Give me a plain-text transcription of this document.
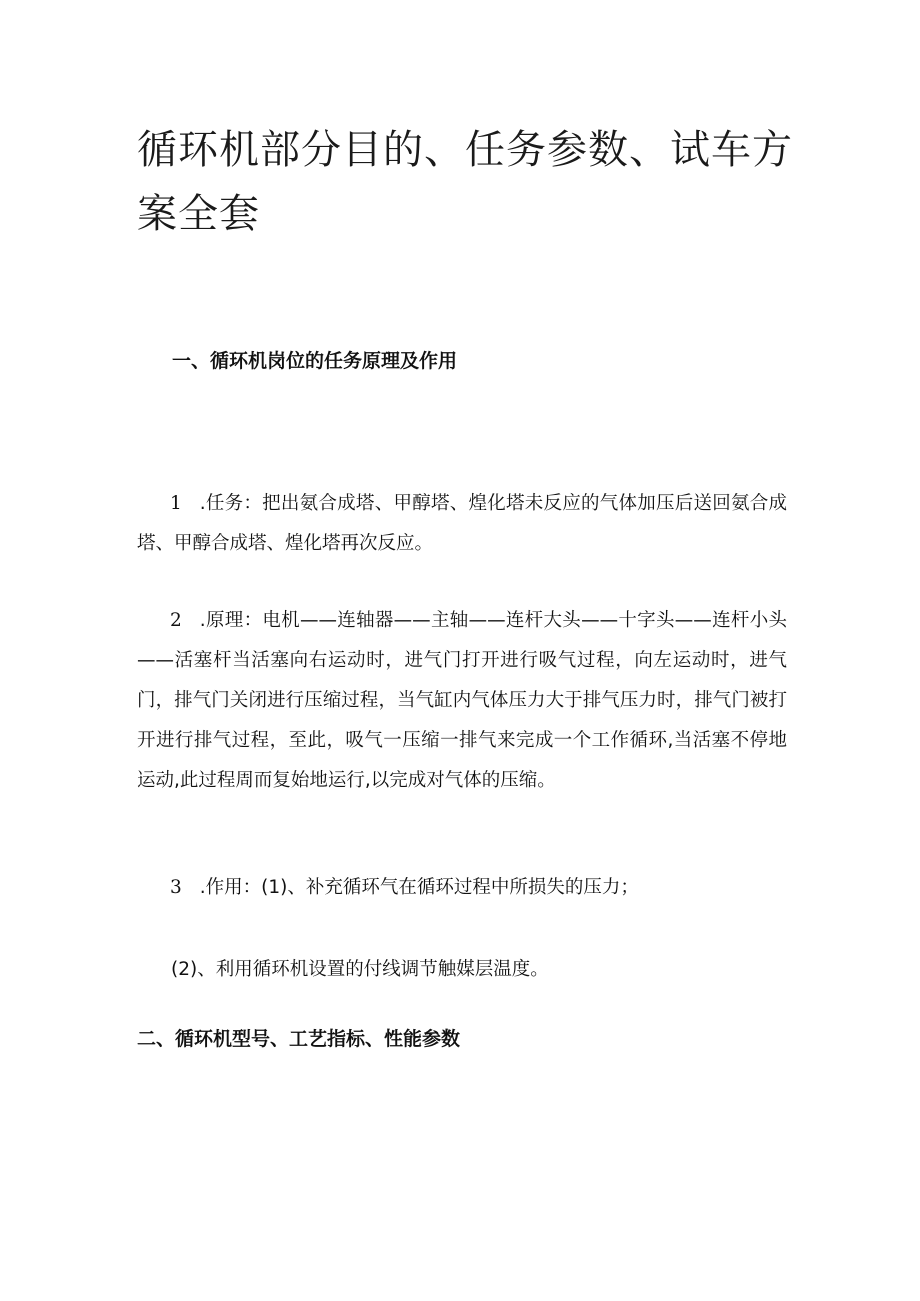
循环机部分目的、任务参数、试车方案全套
一、循环机岗位的任务原理及作用

1 .任务：把出氨合成塔、甲醇塔、煌化塔未反应的气体加压后送回氨合成塔、甲醇合成塔、煌化塔再次反应。

2 .原理：电机——连轴器——主轴——连杆大头——十字头——连杆小头——活塞杆当活塞向右运动时，进气门打开进行吸气过程，向左运动时，进气门，排气门关闭进行压缩过程，当气缸内气体压力大于排气压力时，排气门被打开进行排气过程，至此，吸气一压缩一排气来完成一个工作循环,当活塞不停地运动,此过程周而复始地运行,以完成对气体的压缩。

3 .作用：(1)、补充循环气在循环过程中所损失的压力；

(2)、利用循环机设置的付线调节触媒层温度。

二、循环机型号、工艺指标、性能参数
